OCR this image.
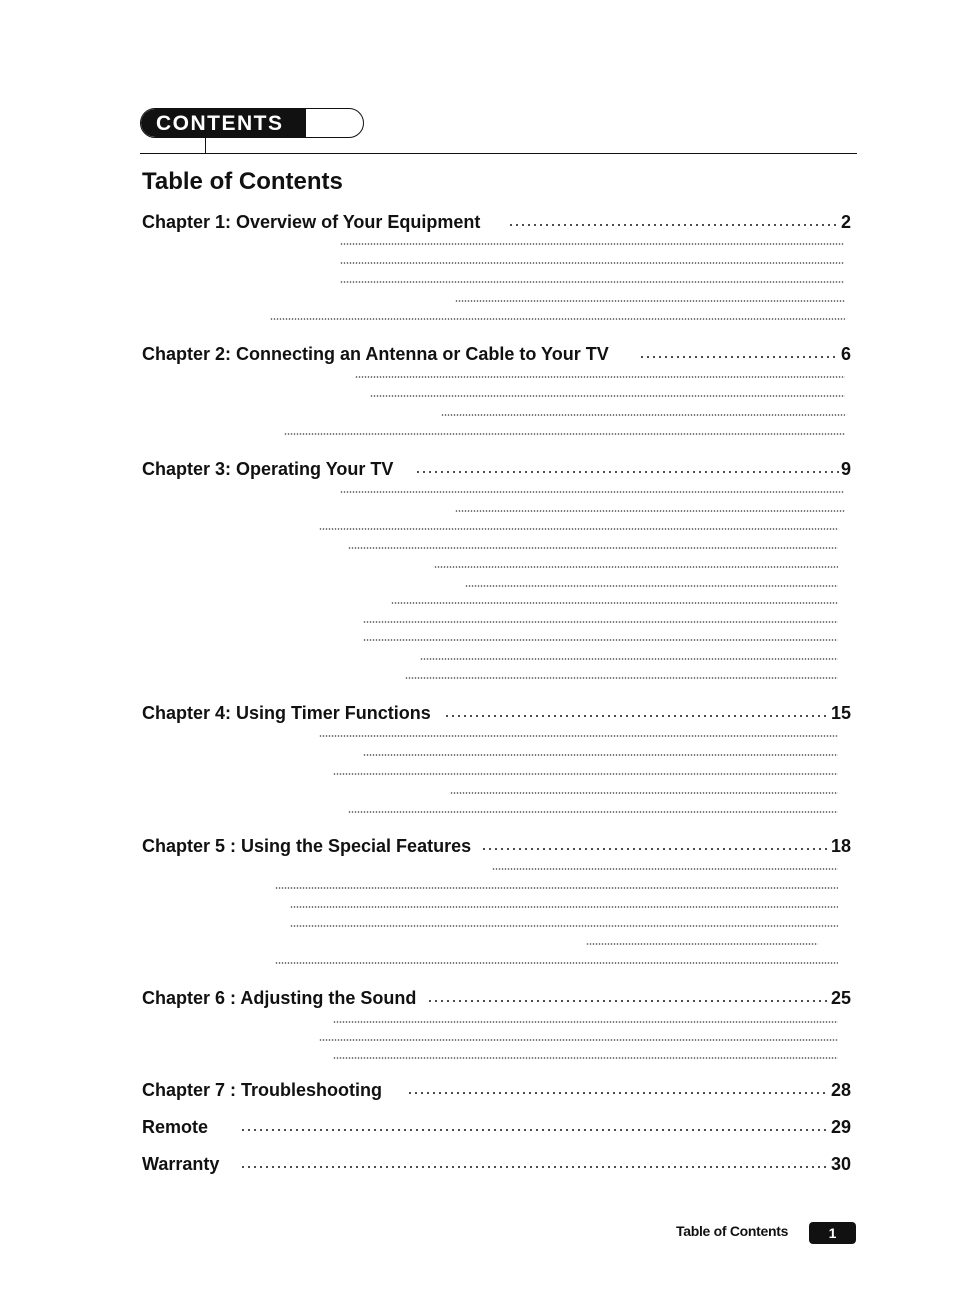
CONTENTS
Table of Contents
Chapter 1: Overview of Your Equipment	2
Chapter 2: Connecting an Antenna or Cable to Your TV	6
Chapter 3: Operating Your TV	9
Chapter 4: Using Timer Functions	15
Chapter 5 : Using the Special Features	18
Chapter 6 : Adjusting the Sound	25
Chapter 7 : Troubleshooting	28
Remote	29
Warranty	30
Table of Contents	1
